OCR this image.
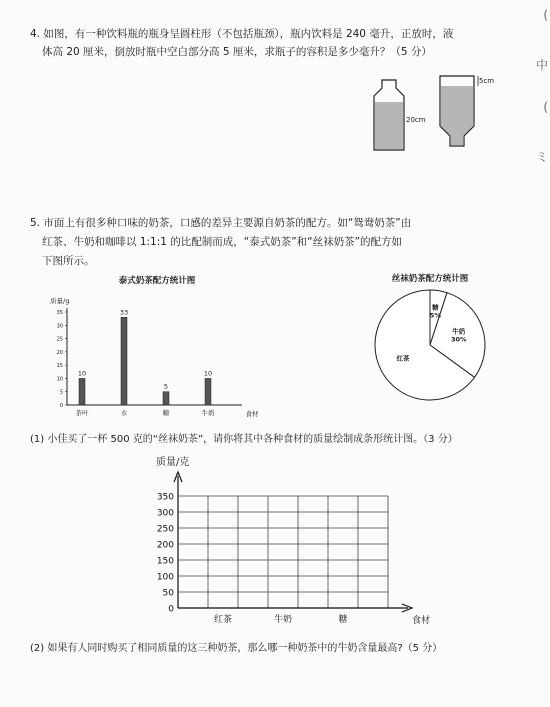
4. 如图，有一种饮料瓶的瓶身呈圆柱形（不包括瓶颈），瓶内饮料是 240 毫升，正放时，液
体高 20 厘米，倒放时瓶中空白部分高 5 厘米，求瓶子的容积是多少毫升？（5 分）
20cm
5cm
5. 市面上有很多种口味的奶茶，口感的差异主要源自奶茶的配方。如“鸳鸯奶茶”由
红茶、牛奶和咖啡以 1:1:1 的比配制而成，“泰式奶茶”和“丝袜奶茶”的配方如
下图所示。
泰式奶茶配方统计图
质量/g
食材
0
5
10
15
20
25
30
35
10
茶叶
33
水
5
糖
10
牛奶
丝袜奶茶配方统计图
糖
5%
牛奶
30%
红茶
(1) 小佳买了一杯 500 克的“丝袜奶茶”，请你将其中各种食材的质量绘制成条形统计图。（3 分）
质量/克
食材
0
50
100
150
200
250
300
350
红茶	牛奶	糖
(2) 如果有人同时购买了相同质量的这三种奶茶，那么哪一种奶茶中的牛奶含量最高?（5 分）
(
中
(
ミ
